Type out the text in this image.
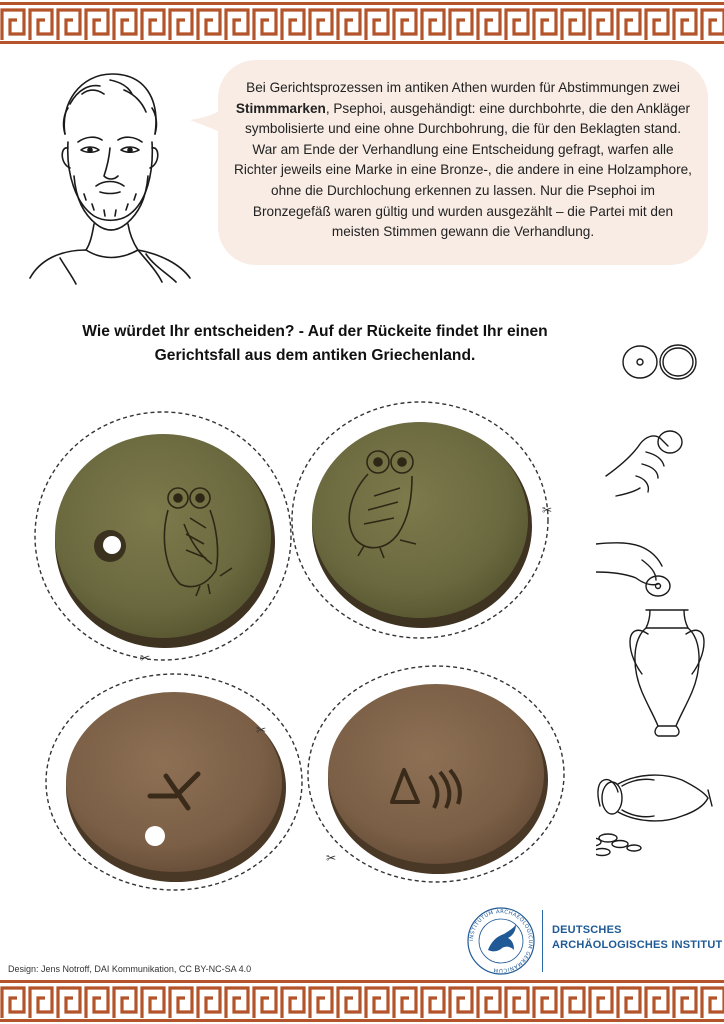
Bei Gerichtsprozessen im antiken Athen wurden für Abstimmungen zwei Stimmmarken, Psephoi, ausgehändigt: eine durchbohrte, die den Ankläger symbolisierte und eine ohne Durchbohrung, die für den Beklagten stand. War am Ende der Verhandlung eine Entscheidung gefragt, warfen alle Richter jeweils eine Marke in eine Bronze-, die andere in eine Holzamphore, ohne die Durchlochung erkennen zu lassen. Nur die Psephoi im Bronzegefäß waren gültig und wurden ausgezählt – die Partei mit den meisten Stimmen gewann die Verhandlung.
Wie würdet Ihr entscheiden? - Auf der Rückeite findet Ihr einen Gerichtsfall aus dem antiken Griechenland.
✂
✂
✂
✂
Design: Jens Notroff, DAI Kommunikation, CC BY-NC-SA 4.0
INSTITUTUM ARCHAEOLOGICUM GERMANICUM
DEUTSCHES
ARCHÄOLOGISCHES INSTITUT
